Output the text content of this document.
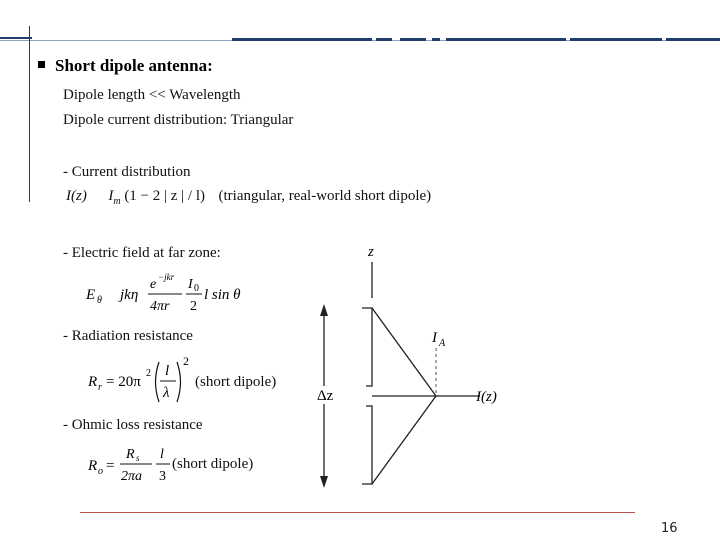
Short dipole antenna:
Dipole length << Wavelength
Dipole current distribution: Triangular
- Current distribution
I(z) $I_m$ (1 − 2 | z | / l) (triangular, real-world short dipole)
- Electric field at far zone:
E θ jkη
e −jkr
4πr
I 0
2
l sin θ
- Radiation resistance
R r = 20π
2 l
λ
2
(short dipole)
- Ohmic loss resistance
R o =
R s
2πa
l
3
(short dipole)
z
Δz
I A
I(z)
16
